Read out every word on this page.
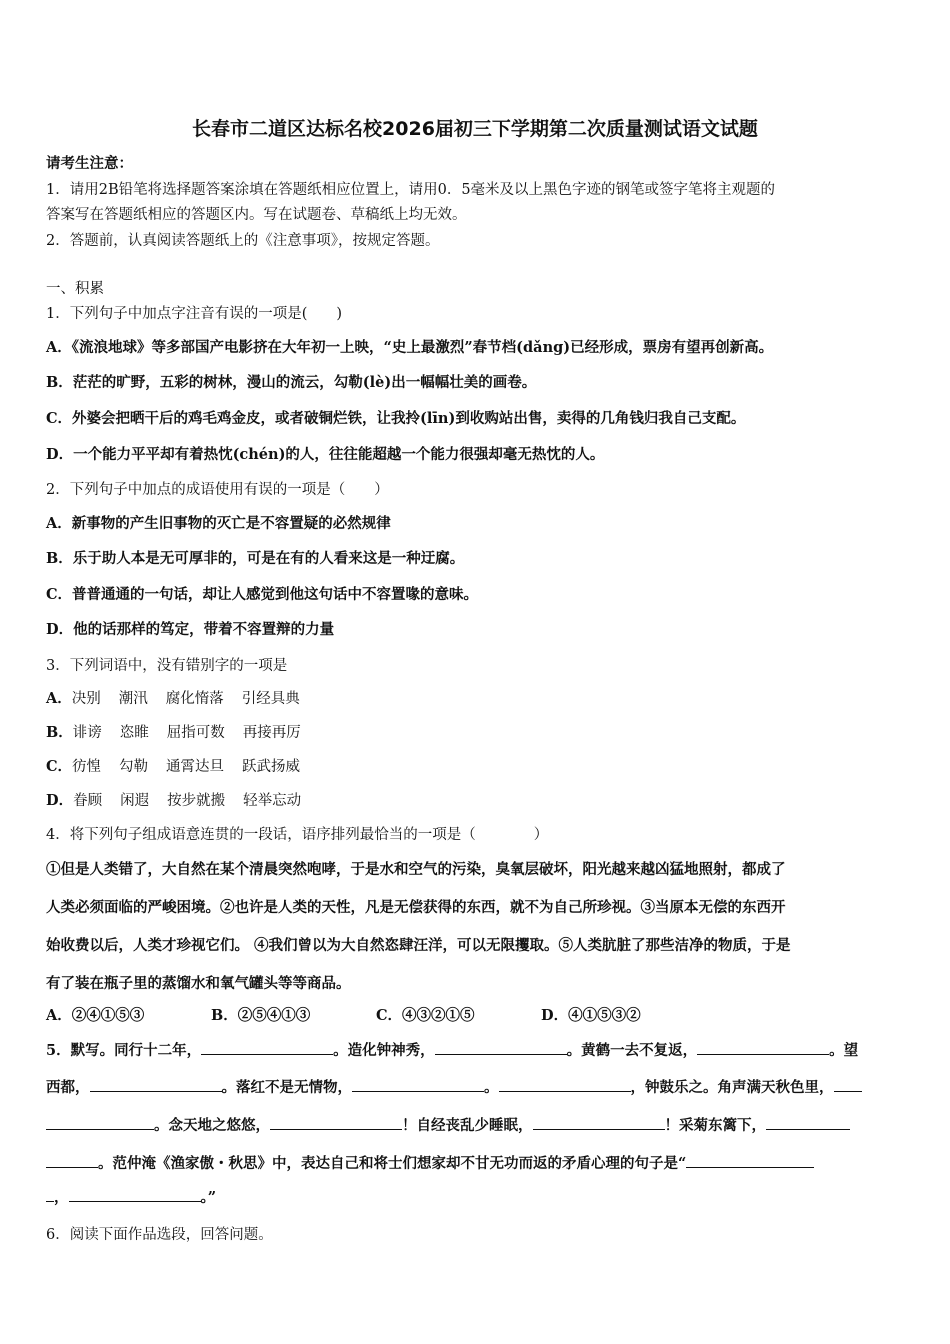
长春市二道区达标名校2026届初三下学期第二次质量测试语文试题
请考生注意：
1．请用2B铅笔将选择题答案涂填在答题纸相应位置上，请用0．5毫米及以上黑色字迹的钢笔或签字笔将主观题的
答案写在答题纸相应的答题区内。写在试题卷、草稿纸上均无效。
2．答题前，认真阅读答题纸上的《注意事项》，按规定答题。
一、积累
1．下列句子中加点字注音有误的一项是(　　)
A．《流浪地球》等多部国产电影挤在大年初一上映，“史上最激烈”春节档(dǎng)已经形成，票房有望再创新高。
B．茫茫的旷野，五彩的树林，漫山的流云，勾勒(lè)出一幅幅壮美的画卷。
C．外婆会把晒干后的鸡毛鸡金皮，或者破铜烂铁，让我拎(līn)到收购站出售，卖得的几角钱归我自己支配。
D．一个能力平平却有着热忱(chén)的人，往往能超越一个能力很强却毫无热忱的人。
2．下列句子中加点的成语使用有误的一项是（　　）
A．新事物的产生旧事物的灭亡是不容置疑的必然规律
B．乐于助人本是无可厚非的，可是在有的人看来这是一种迂腐。
C．普普通通的一句话，却让人感觉到他这句话中不容置喙的意味。
D．他的话那样的笃定，带着不容置辩的力量
3．下列词语中，没有错别字的一项是
A．决别 潮汛 腐化惰落 引经具典
B．诽谤 恣睢 屈指可数 再接再厉
C．彷惶 勾勒 通霄达旦 跃武扬威
D．眷顾 闲遐 按步就搬 轻举忘动
4．将下列句子组成语意连贯的一段话，语序排列最恰当的一项是（　　　　）
①但是人类错了，大自然在某个清晨突然咆哮，于是水和空气的污染，臭氧层破坏，阳光越来越凶猛地照射，都成了
人类必须面临的严峻困境。②也许是人类的天性，凡是无偿获得的东西，就不为自己所珍视。③当原本无偿的东西开
始收费以后，人类才珍视它们。 ④我们曾以为大自然恣肆汪洋，可以无限攫取。⑤人类肮脏了那些洁净的物质，于是
有了装在瓶子里的蒸馏水和氧气罐头等等商品。
A．②④①⑤③	B．②⑤④①③	C．④③②①⑤	D．④①⑤③②
5．默写。同行十二年，	。造化钟神秀，	。黄鹤一去不复返，	。望
西都，	。落红不是无情物，	。	，钟鼓乐之。角声满天秋色里，
。念天地之悠悠，	！自经丧乱少睡眠，	！采菊东篱下，
。范仲淹《渔家傲・秋思》中，表达自己和将士们想家却不甘无功而返的矛盾心理的句子是“
，	。”
6．阅读下面作品选段，回答问题。
